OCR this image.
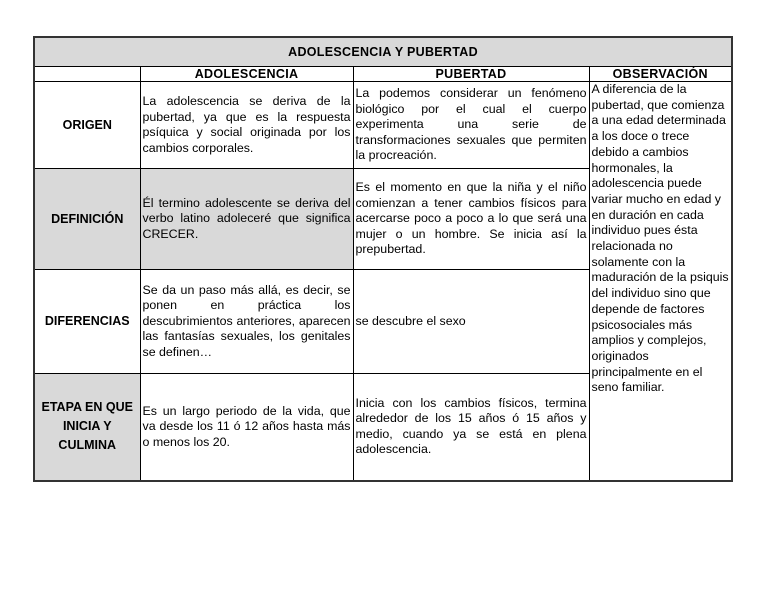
ADOLESCENCIA Y PUBERTAD			
	ADOLESCENCIA	PUBERTAD	OBSERVACIÓN
ORIGEN	La adolescencia se deriva de la pubertad, ya que es la respuesta psíquica y social originada por los cambios corporales.	La podemos considerar un fenómeno biológico por el cual el cuerpo experimenta una serie de transformaciones sexuales que permiten la procreación.	A diferencia de la pubertad, que comienza a una edad determinada a los doce o trece debido a cambios hormonales, la adolescencia puede variar mucho en edad y en duración en cada individuo pues ésta relacionada no solamente con la maduración de la psiquis del individuo sino que depende de factores psicosociales más amplios y complejos, originados principalmente en el seno familiar.
DEFINICIÓN	Él termino adolescente se deriva del verbo latino adoleceré que significa CRECER.	Es el momento en que la niña y el niño comienzan a tener cambios físicos para acercarse poco a poco a lo que será una mujer o un hombre. Se inicia así la prepubertad.	
DIFERENCIAS	Se da un paso más allá, es decir, se ponen en práctica los descubrimientos anteriores, aparecen las fantasías sexuales, los genitales se definen…	se descubre el sexo	
ETAPA EN QUE INICIA Y CULMINA	Es un largo periodo de la vida, que va desde los 11 ó 12 años hasta más o menos los 20.	Inicia con los cambios físicos, termina alrededor de los 15 años ó 15 años y medio, cuando ya se está en plena adolescencia.	
